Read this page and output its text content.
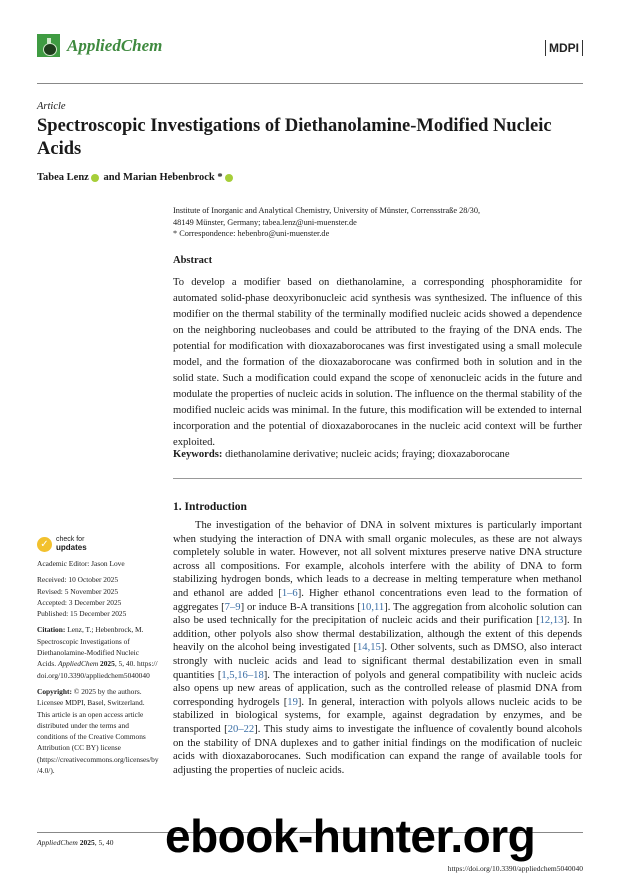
AppliedChem	MDPI
Article
Spectroscopic Investigations of Diethanolamine-Modified Nucleic Acids
Tabea Lenz and Marian Hebenbrock *
Institute of Inorganic and Analytical Chemistry, University of Münster, Corrensstraße 28/30,
48149 Münster, Germany; tabea.lenz@uni-muenster.de
* Correspondence: hebenbro@uni-muenster.de
Abstract
To develop a modifier based on diethanolamine, a corresponding phosphoramidite for automated solid-phase deoxyribonucleic acid synthesis was synthesized. The influence of this modifier on the thermal stability of the terminally modified nucleic acids showed a dependence on the neighboring nucleobases and could be attributed to the fraying of the DNA ends. The potential for modification with dioxazaborocanes was first investigated using a small molecule model, and the formation of the dioxazaborocane was confirmed both in solution and in the solid state. Such a modification could expand the scope of xenonucleic acids in the future and modulate the properties of nucleic acids in solution. The influence on the thermal stability of the modified nucleic acids was minimal. In the future, this modification will be extended to internal incorporation and the potential of dioxazaborocanes in the nucleic acid context will be further exploited.
Keywords: diethanolamine derivative; nucleic acids; fraying; dioxazaborocane
1. Introduction
The investigation of the behavior of DNA in solvent mixtures is particularly important when studying the interaction of DNA with small organic molecules, as these are not always completely soluble in water. However, not all solvent mixtures preserve native DNA structure across all compositions. For example, alcohols interfere with the ability of DNA to form stabilizing hydrogen bonds, which leads to a decrease in melting temperature when methanol and ethanol are added [1–6]. Higher ethanol concentrations even lead to the formation of aggregates [7–9] or induce B-A transitions [10,11]. The aggregation from alcoholic solution can also be used technically for the precipitation of nucleic acids and their purification [12,13]. In addition, other polyols also show thermal destabilization, although the extent of this depends heavily on the alcohol being investigated [14,15]. Other solvents, such as DMSO, also interact strongly with nucleic acids and lead to significant thermal destabilization even in small quantities [1,5,16–18]. The interaction of polyols and general compatibility with nucleic acids also opens up new areas of application, such as the controlled release of plasmid DNA from corresponding hydrogels [19]. In general, interaction with polyols allows nucleic acids to be stabilized in biological systems, for example, against degradation by enzymes, and be transported [20–22]. This study aims to investigate the influence of covalently bound alcohols on the stability of DNA duplexes and to gather initial findings on the modification of nucleic acids with dioxazaborocanes. Such modification can expand the range of available tools for adjusting the properties of nucleic acids.
✓	check for
updates
Academic Editor: Jason Love
Received: 10 October 2025
Revised: 5 November 2025
Accepted: 3 December 2025
Published: 15 December 2025
Citation: Lenz, T.; Hebenbrock, M. Spectroscopic Investigations of Diethanolamine-Modified Nucleic Acids. AppliedChem 2025, 5, 40. https://doi.org/10.3390/appliedchem5040040
Copyright: © 2025 by the authors. Licensee MDPI, Basel, Switzerland. This article is an open access article distributed under the terms and conditions of the Creative Commons Attribution (CC BY) license (https://creativecommons.org/licenses/by/4.0/).
AppliedChem 2025, 5, 40 ebook-hunter.org
https://doi.org/10.3390/appliedchem5040040
